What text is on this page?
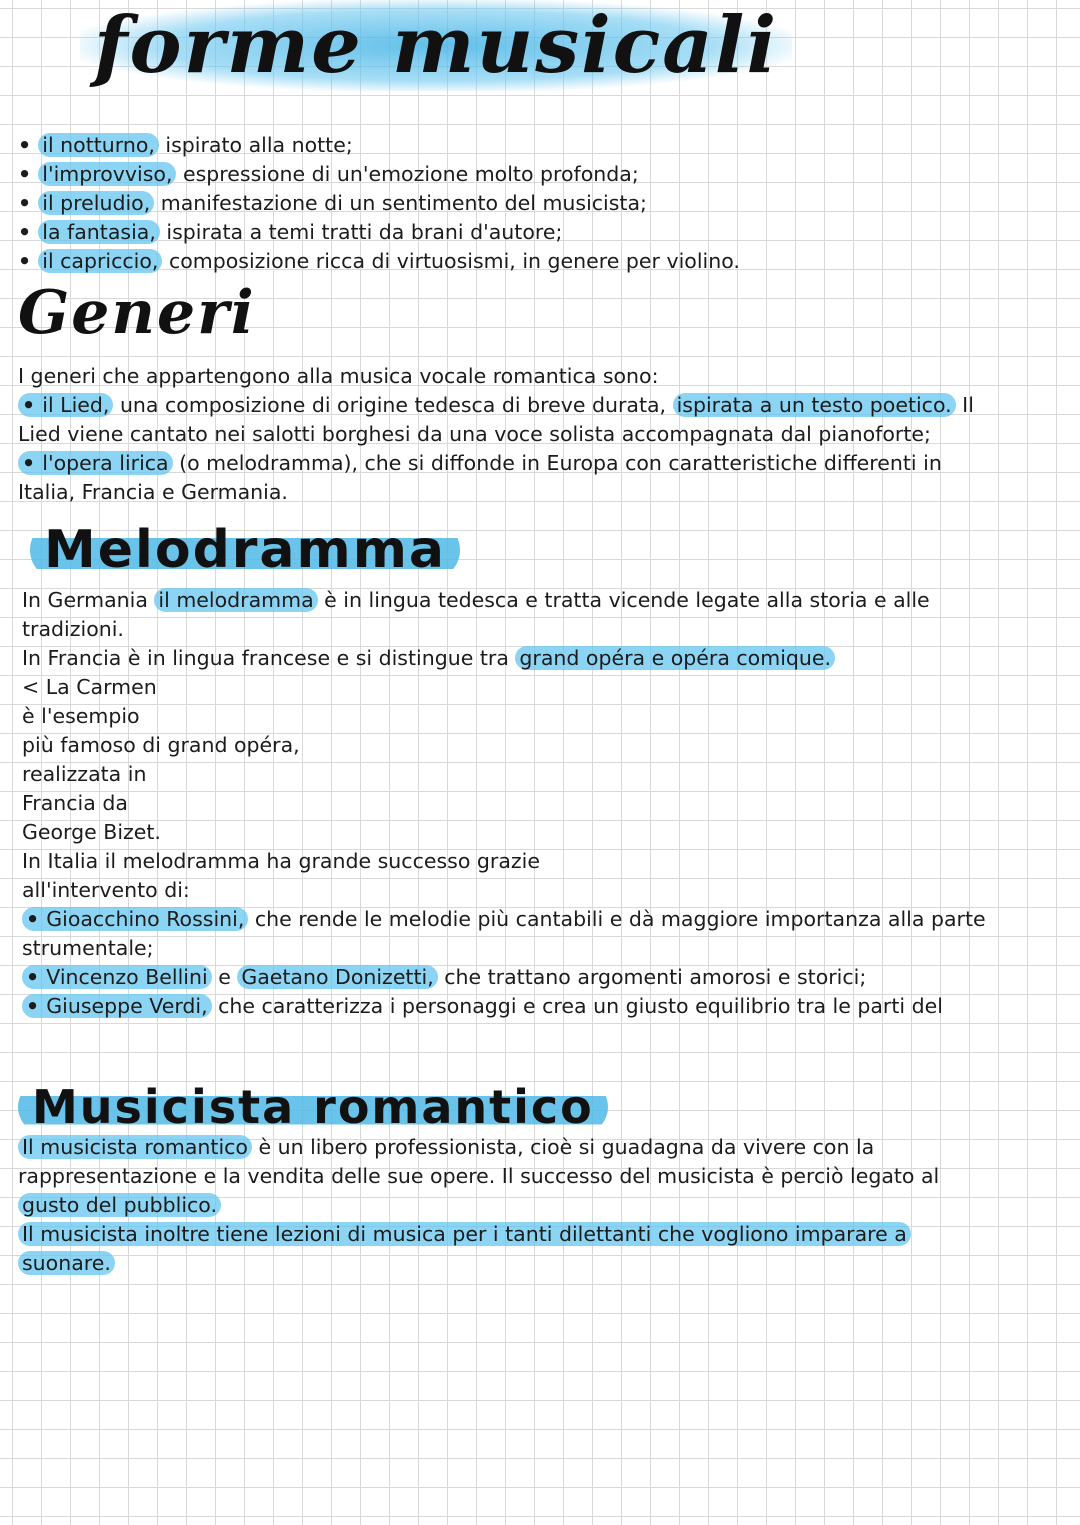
forme musicali
• il notturno, ispirato alla notte;
• l'improvviso, espressione di un'emozione molto profonda;
• il preludio, manifestazione di un sentimento del musicista;
• la fantasia, ispirata a temi tratti da brani d'autore;
• il capriccio, composizione ricca di virtuosismi, in genere per violino.
Generi
I generi che appartengono alla musica vocale romantica sono:
• il Lied, una composizione di origine tedesca di breve durata, ispirata a un testo poetico. Il
Lied viene cantato nei salotti borghesi da una voce solista accompagnata dal pianoforte;
• l'opera lirica (o melodramma), che si diffonde in Europa con caratteristiche differenti in
Italia, Francia e Germania.
Melodramma
In Germania il melodramma è in lingua tedesca e tratta vicende legate alla storia e alle
tradizioni.
In Francia è in lingua francese e si distingue tra grand opéra e opéra comique.
< La Carmen
è l'esempio
più famoso di grand opéra,
realizzata in
Francia da
George Bizet.
In Italia il melodramma ha grande successo grazie
all'intervento di:
• Gioacchino Rossini, che rende le melodie più cantabili e dà maggiore importanza alla parte
strumentale;
• Vincenzo Bellini e Gaetano Donizetti, che trattano argomenti amorosi e storici;
• Giuseppe Verdi, che caratterizza i personaggi e crea un giusto equilibrio tra le parti del
Musicista romantico
Il musicista romantico è un libero professionista, cioè si guadagna da vivere con la
rappresentazione e la vendita delle sue opere. Il successo del musicista è perciò legato al
gusto del pubblico.
Il musicista inoltre tiene lezioni di musica per i tanti dilettanti che vogliono imparare a
suonare.
